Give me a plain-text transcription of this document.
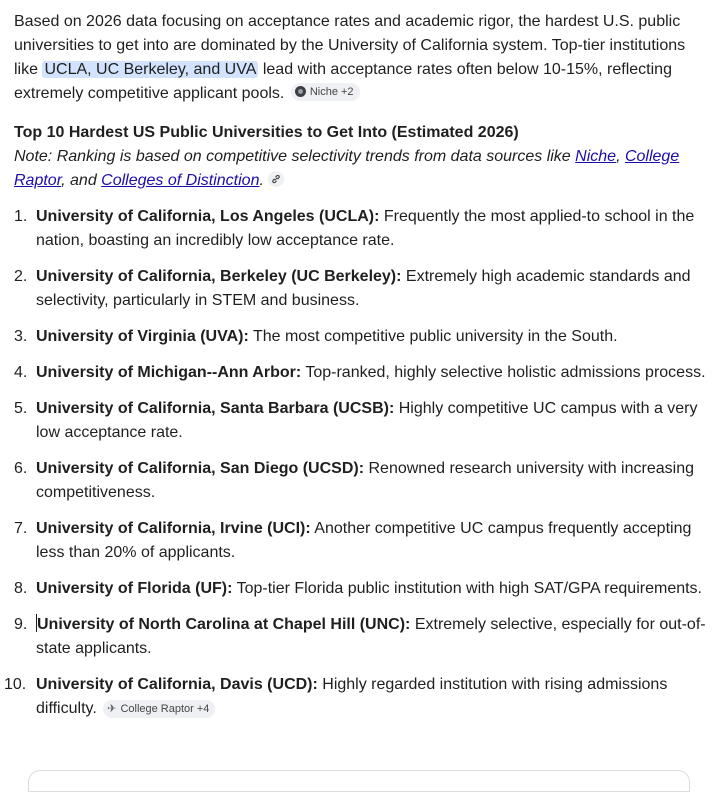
Based on 2026 data focusing on acceptance rates and academic rigor, the hardest U.S. public universities to get into are dominated by the University of California system. Top-tier institutions like UCLA, UC Berkeley, and UVA lead with acceptance rates often below 10-15%, reflecting extremely competitive applicant pools. Niche +2

Top 10 Hardest US Public Universities to Get Into (Estimated 2026)

Note: Ranking is based on competitive selectivity trends from data sources like Niche, College Raptor, and Colleges of Distinction.

1. University of California, Los Angeles (UCLA): Frequently the most applied-to school in the nation, boasting an incredibly low acceptance rate.
2. University of California, Berkeley (UC Berkeley): Extremely high academic standards and selectivity, particularly in STEM and business.
3. University of Virginia (UVA): The most competitive public university in the South.
4. University of Michigan--Ann Arbor: Top-ranked, highly selective holistic admissions process.
5. University of California, Santa Barbara (UCSB): Highly competitive UC campus with a very low acceptance rate.
6. University of California, San Diego (UCSD): Renowned research university with increasing competitiveness.
7. University of California, Irvine (UCI): Another competitive UC campus frequently accepting less than 20% of applicants.
8. University of Florida (UF): Top-tier Florida public institution with high SAT/GPA requirements.
9. University of North Carolina at Chapel Hill (UNC): Extremely selective, especially for out-of-state applicants.
10. University of California, Davis (UCD): Highly regarded institution with rising admissions difficulty. ✈ College Raptor +4
